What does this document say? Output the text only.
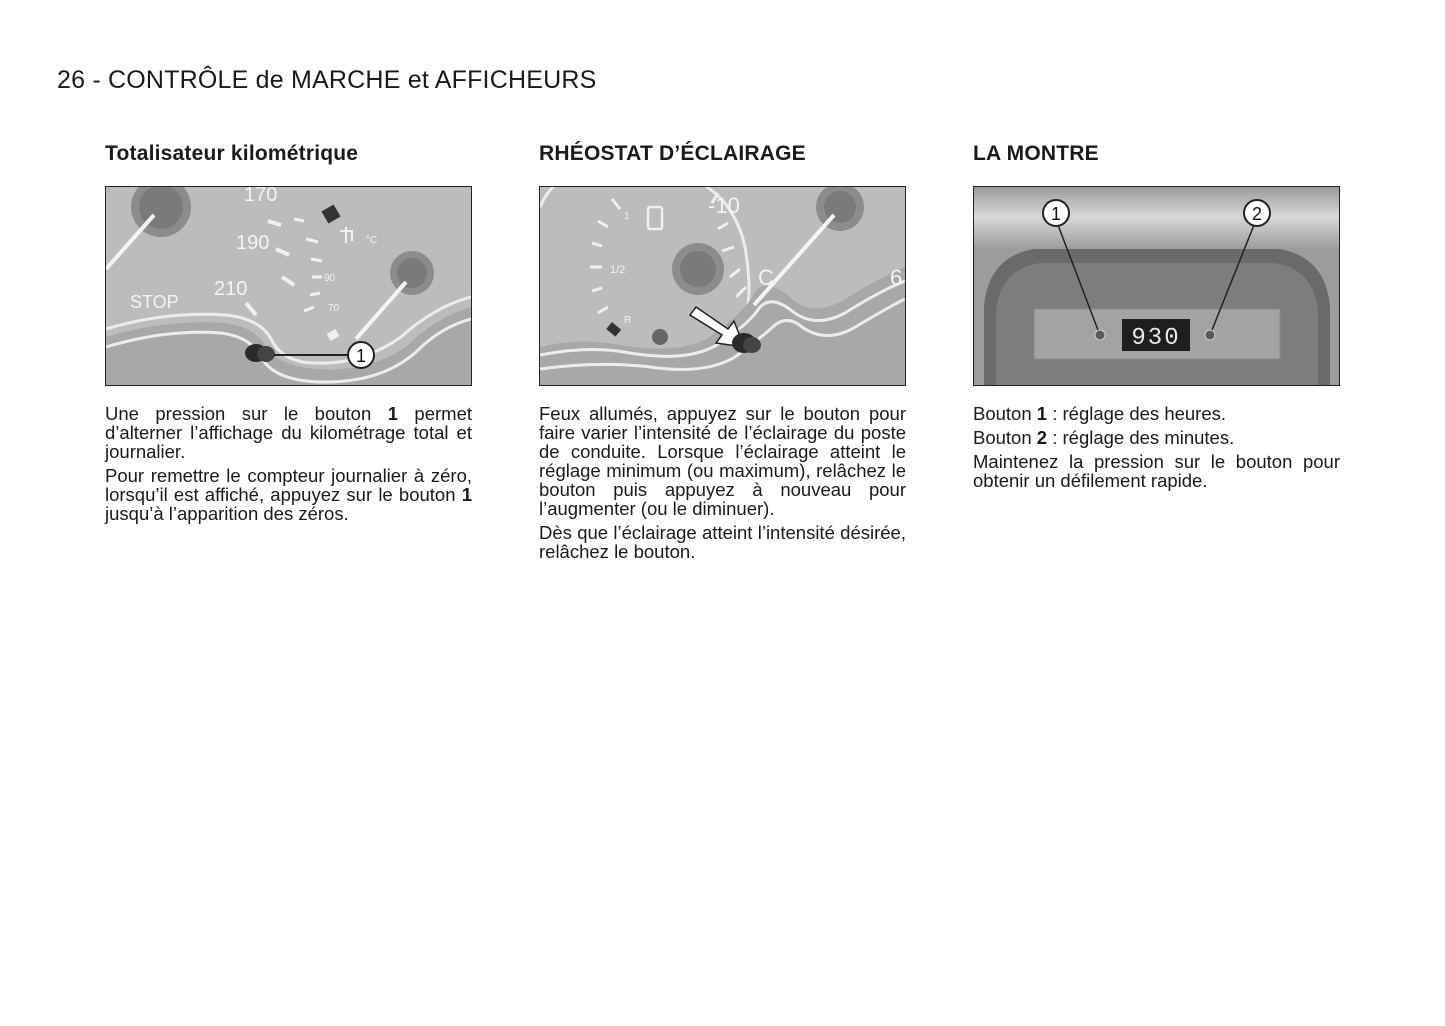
26 - CONTRÔLE de MARCHE et AFFICHEURS
Totalisateur kilométrique
1
170
190
210
STOP
90
70
°C

Une pression sur le bouton 1 permet d’alterner l’affichage du kilométrage total et journalier.

Pour remettre le compteur journalier à zéro, lorsqu’il est affiché, appuyez sur le bouton 1 jusqu’à l’apparition des zéros.

RHÉOSTAT D’ÉCLAIRAGE
-10
1
1/2
R
C	6

Feux allumés, appuyez sur le bouton pour faire varier l’intensité de l’éclairage du poste de conduite. Lorsque l’éclairage atteint le réglage minimum (ou maximum), relâchez le bouton puis appuyez à nouveau pour l’augmenter (ou le diminuer).

Dès que l’éclairage atteint l’intensité désirée, relâchez le bouton.

LA MONTRE
930
1	2

Bouton 1 : réglage des heures.

Bouton 2 : réglage des minutes.

Maintenez la pression sur le bouton pour obtenir un défilement rapide.
